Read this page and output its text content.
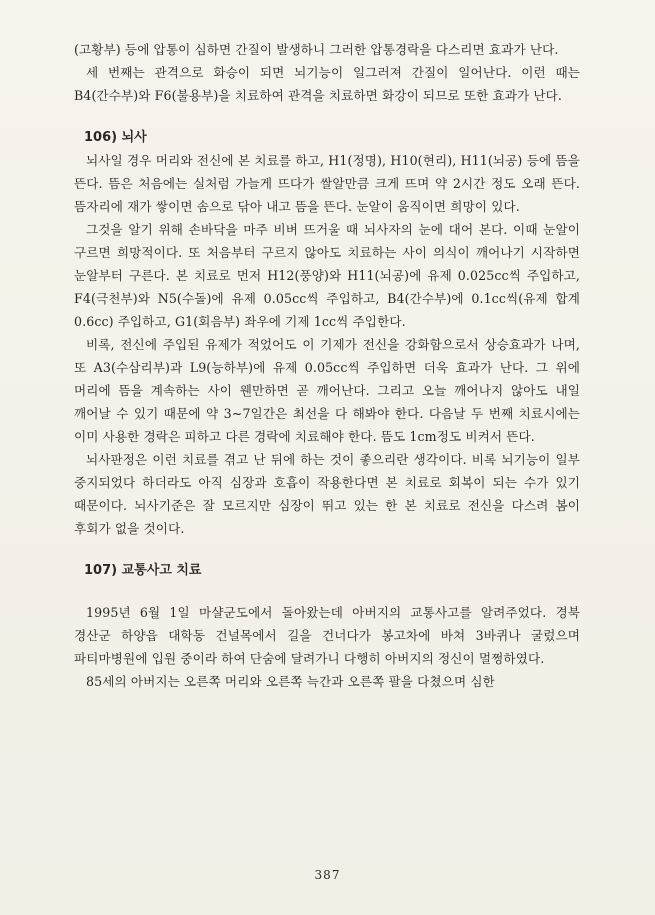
(고황부) 등에 압통이 심하면 간질이 발생하니 그러한 압통경락을 다스리면 효과가 난다.

세 번째는 관격으로 화승이 되면 뇌기능이 일그러져 간질이 일어난다. 이런 때는 B4(간수부)와 F6(불용부)을 치료하여 관격을 치료하면 화강이 되므로 또한 효과가 난다.

106) 뇌사

뇌사일 경우 머리와 전신에 본 치료를 하고, H1(정명), H10(현리), H11(뇌공) 등에 뜸을 뜬다. 뜸은 처음에는 실처럼 가늘게 뜨다가 쌀알만큼 크게 뜨며 약 2시간 정도 오래 뜬다. 뜸자리에 재가 쌓이면 솜으로 닦아 내고 뜸을 뜬다. 눈알이 움직이면 희망이 있다.

그것을 알기 위해 손바닥을 마주 비벼 뜨거울 때 뇌사자의 눈에 대어 본다. 이때 눈알이 구르면 희망적이다. 또 처음부터 구르지 않아도 치료하는 사이 의식이 깨어나기 시작하면 눈알부터 구른다. 본 치료로 먼저 H12(풍양)와 H11(뇌공)에 유제 0.025cc씩 주입하고, F4(극천부)와 N5(수돌)에 유제 0.05cc씩 주입하고, B4(간수부)에 0.1cc씩(유제 합계 0.6cc) 주입하고, G1(회음부) 좌우에 기제 1cc씩 주입한다.

비록, 전신에 주입된 유제가 적었어도 이 기제가 전신을 강화함으로서 상승효과가 나며, 또 A3(수삼리부)과 L9(능하부)에 유제 0.05cc씩 주입하면 더욱 효과가 난다. 그 위에 머리에 뜸을 계속하는 사이 웬만하면 곧 깨어난다. 그리고 오늘 깨어나지 않아도 내일 깨어날 수 있기 때문에 약 3~7일간은 최선을 다 해봐야 한다. 다음날 두 번째 치료시에는 이미 사용한 경락은 피하고 다른 경락에 치료해야 한다. 뜸도 1cm정도 비켜서 뜬다.

뇌사판정은 이런 치료를 겪고 난 뒤에 하는 것이 좋으리란 생각이다. 비록 뇌기능이 일부 중지되었다 하더라도 아직 심장과 호흡이 작용한다면 본 치료로 회복이 되는 수가 있기 때문이다. 뇌사기준은 잘 모르지만 심장이 뛰고 있는 한 본 치료로 전신을 다스려 봄이 후회가 없을 것이다.

107) 교통사고 치료

1995년 6월 1일 마샬군도에서 돌아왔는데 아버지의 교통사고를 알려주었다. 경북 경산군 하양읍 대학동 건널목에서 길을 건너다가 봉고차에 바쳐 3바퀴나 굴렀으며 파티마병원에 입원 중이라 하여 단숨에 달려가니 다행히 아버지의 정신이 멀쩡하였다.

85세의 아버지는 오른쪽 머리와 오른쪽 늑간과 오른쪽 팔을 다쳤으며 심한

387
